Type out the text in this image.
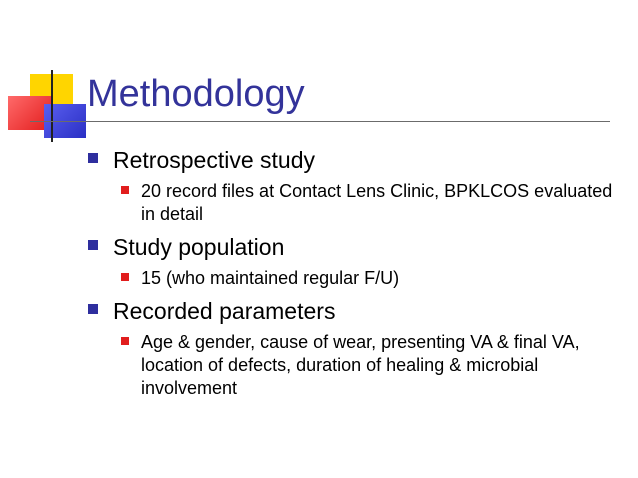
Methodology
Retrospective study
20 record files at Contact Lens Clinic, BPKLCOS evaluated in detail
Study population
15 (who maintained regular F/U)
Recorded parameters
Age & gender, cause of wear, presenting VA & final VA, location of defects, duration of healing & microbial involvement
